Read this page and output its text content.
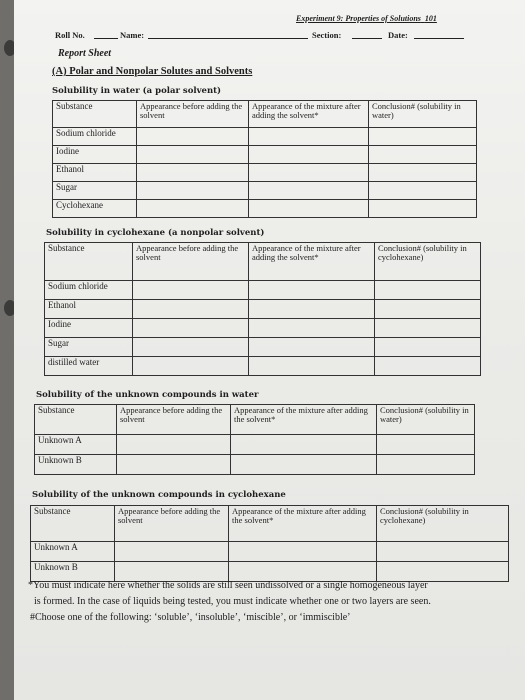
Experiment 9: Properties of Solutions 101
Roll No.	Name:	Section:	Date:
Report Sheet
(A) Polar and Nonpolar Solutes and Solvents
Solubility in water (a polar solvent)
Substance	Appearance before adding the solvent	Appearance of the mixture after adding the solvent*	Conclusion# (solubility in water)
Sodium chloride			
Iodine			
Ethanol			
Sugar			
Cyclohexane			
Solubility in cyclohexane (a nonpolar solvent)
Substance	Appearance before adding the solvent	Appearance of the mixture after adding the solvent*	Conclusion# (solubility in cyclohexane)
Sodium chloride			
Ethanol			
Iodine			
Sugar			
distilled water			
Solubility of the unknown compounds in water
Substance	Appearance before adding the solvent	Appearance of the mixture after adding the solvent*	Conclusion# (solubility in water)
Unknown A			
Unknown B			
Solubility of the unknown compounds in cyclohexane
Substance	Appearance before adding the solvent	Appearance of the mixture after adding the solvent*	Conclusion# (solubility in cyclohexane)
Unknown A			
Unknown B			
*You must indicate here whether the solids are still seen undissolved or a single homogeneous layer
is formed. In the case of liquids being tested, you must indicate whether one or two layers are seen.
#Choose one of the following: ‘soluble’, ‘insoluble’, ‘miscible’, or ‘immiscible’
